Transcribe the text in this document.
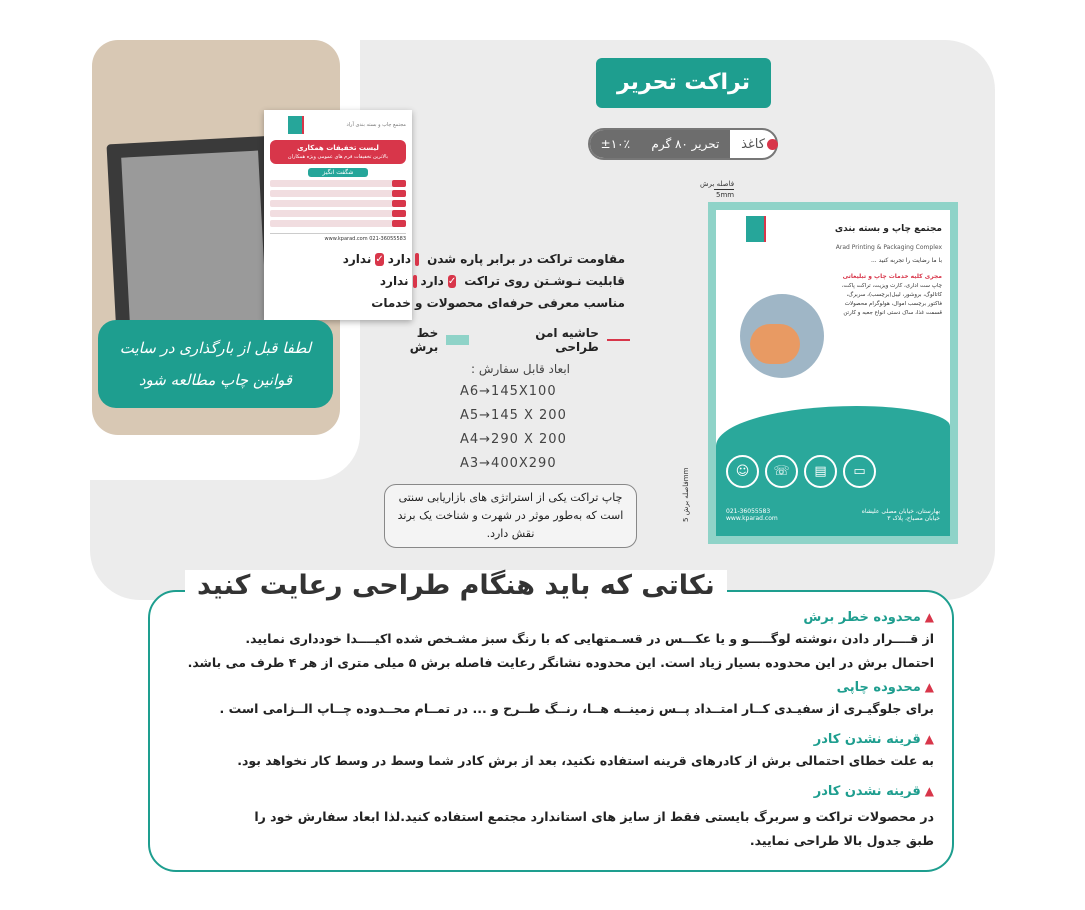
مجتمع چاپ و بسته بندی آراد
لیست تخفیفات همکاری
بالاترین تخفیفات فرم های عمومی ویژه همکاران
شگفت انگیز
021-36055583 www.kparad.com
لطفا قبل از بارگذاری در سایت
قوانین چاپ مطالعه شود
تراکت تحریر
کاغذ
تحریر ۸۰ گرم
±۱۰٪
مقاومت تراکت در برابر پاره شدن
دارد
✓
ندارد
قابلیت نـوشـتن روی تراکت
✓
دارد
ندارد
مناسب معرفی حرفه‌ای محصولات و خدمات
حاشیه امن طراحی
خط برش
ابعاد قابل سفارش :
A6→145X100
A5→145 X 200
A4→290 X 200
A3→400X290
چاپ تراکت یکی از استراتژی های بازاریابی سنتی است که به‌طور موثر در شهرت و شناخت یک برند نقش دارد.
فاصله برش
5mm
فاصله برش 5mm
مجتمع چاپ و بسته بندی
Arad Printing & Packaging Complex
با ما رضایت را تجربه کنید ...
مجری کلیه خدمات چاپ و تبلیغاتی
چاپ ست اداری، کارت ویزیت، تراکت پاکت، کاتالوگ، بروشور، لیبل(برچسب)، سربرگ، فاکتور برچسب اموال، هولوگرام محصولات قسمت غذا، ساک دستی انواع جعبه و کارتن
▭
▤
☏
☺
021-36055583
www.kparad.com
بهارستان، خیابان مصلی علیشاه خیابان مصباح، پلاک ۳
▲
محدوده خطر برش
از قــــرار دادن ،نوشته لوگـــــو و یا عکـــس در قسـمتهایی که با رنگ سبز مشـخص شده اکیــــدا خودداری نمایید.
احتمال برش در این محدوده بسیار زیاد است. این محدوده نشانگر رعایت فاصله برش ۵ میلی متری از هر ۴ طرف می باشد.
▲
محدوده چاپی
برای جلوگیـری از سفیـدی کــار امتــداد پــس زمینــه هــا، رنــگ طــرح و ... در تمــام محــدوده چــاپ الــزامی است .
▲
قرینه نشدن کادر
به علت خطای احتمالی برش از کادرهای قرینه استفاده نکنید، بعد از برش کادر شما وسط در وسط کار نخواهد بود.
▲
قرینه نشدن کادر
در محصولات تراکت و سربرگ بایستی فقط از سایز های استاندارد مجتمع استفاده کنید.لذا ابعاد سفارش خود را
طبق جدول بالا طراحی نمایید.
نکاتی که باید هنگام طراحی رعایت کنید
